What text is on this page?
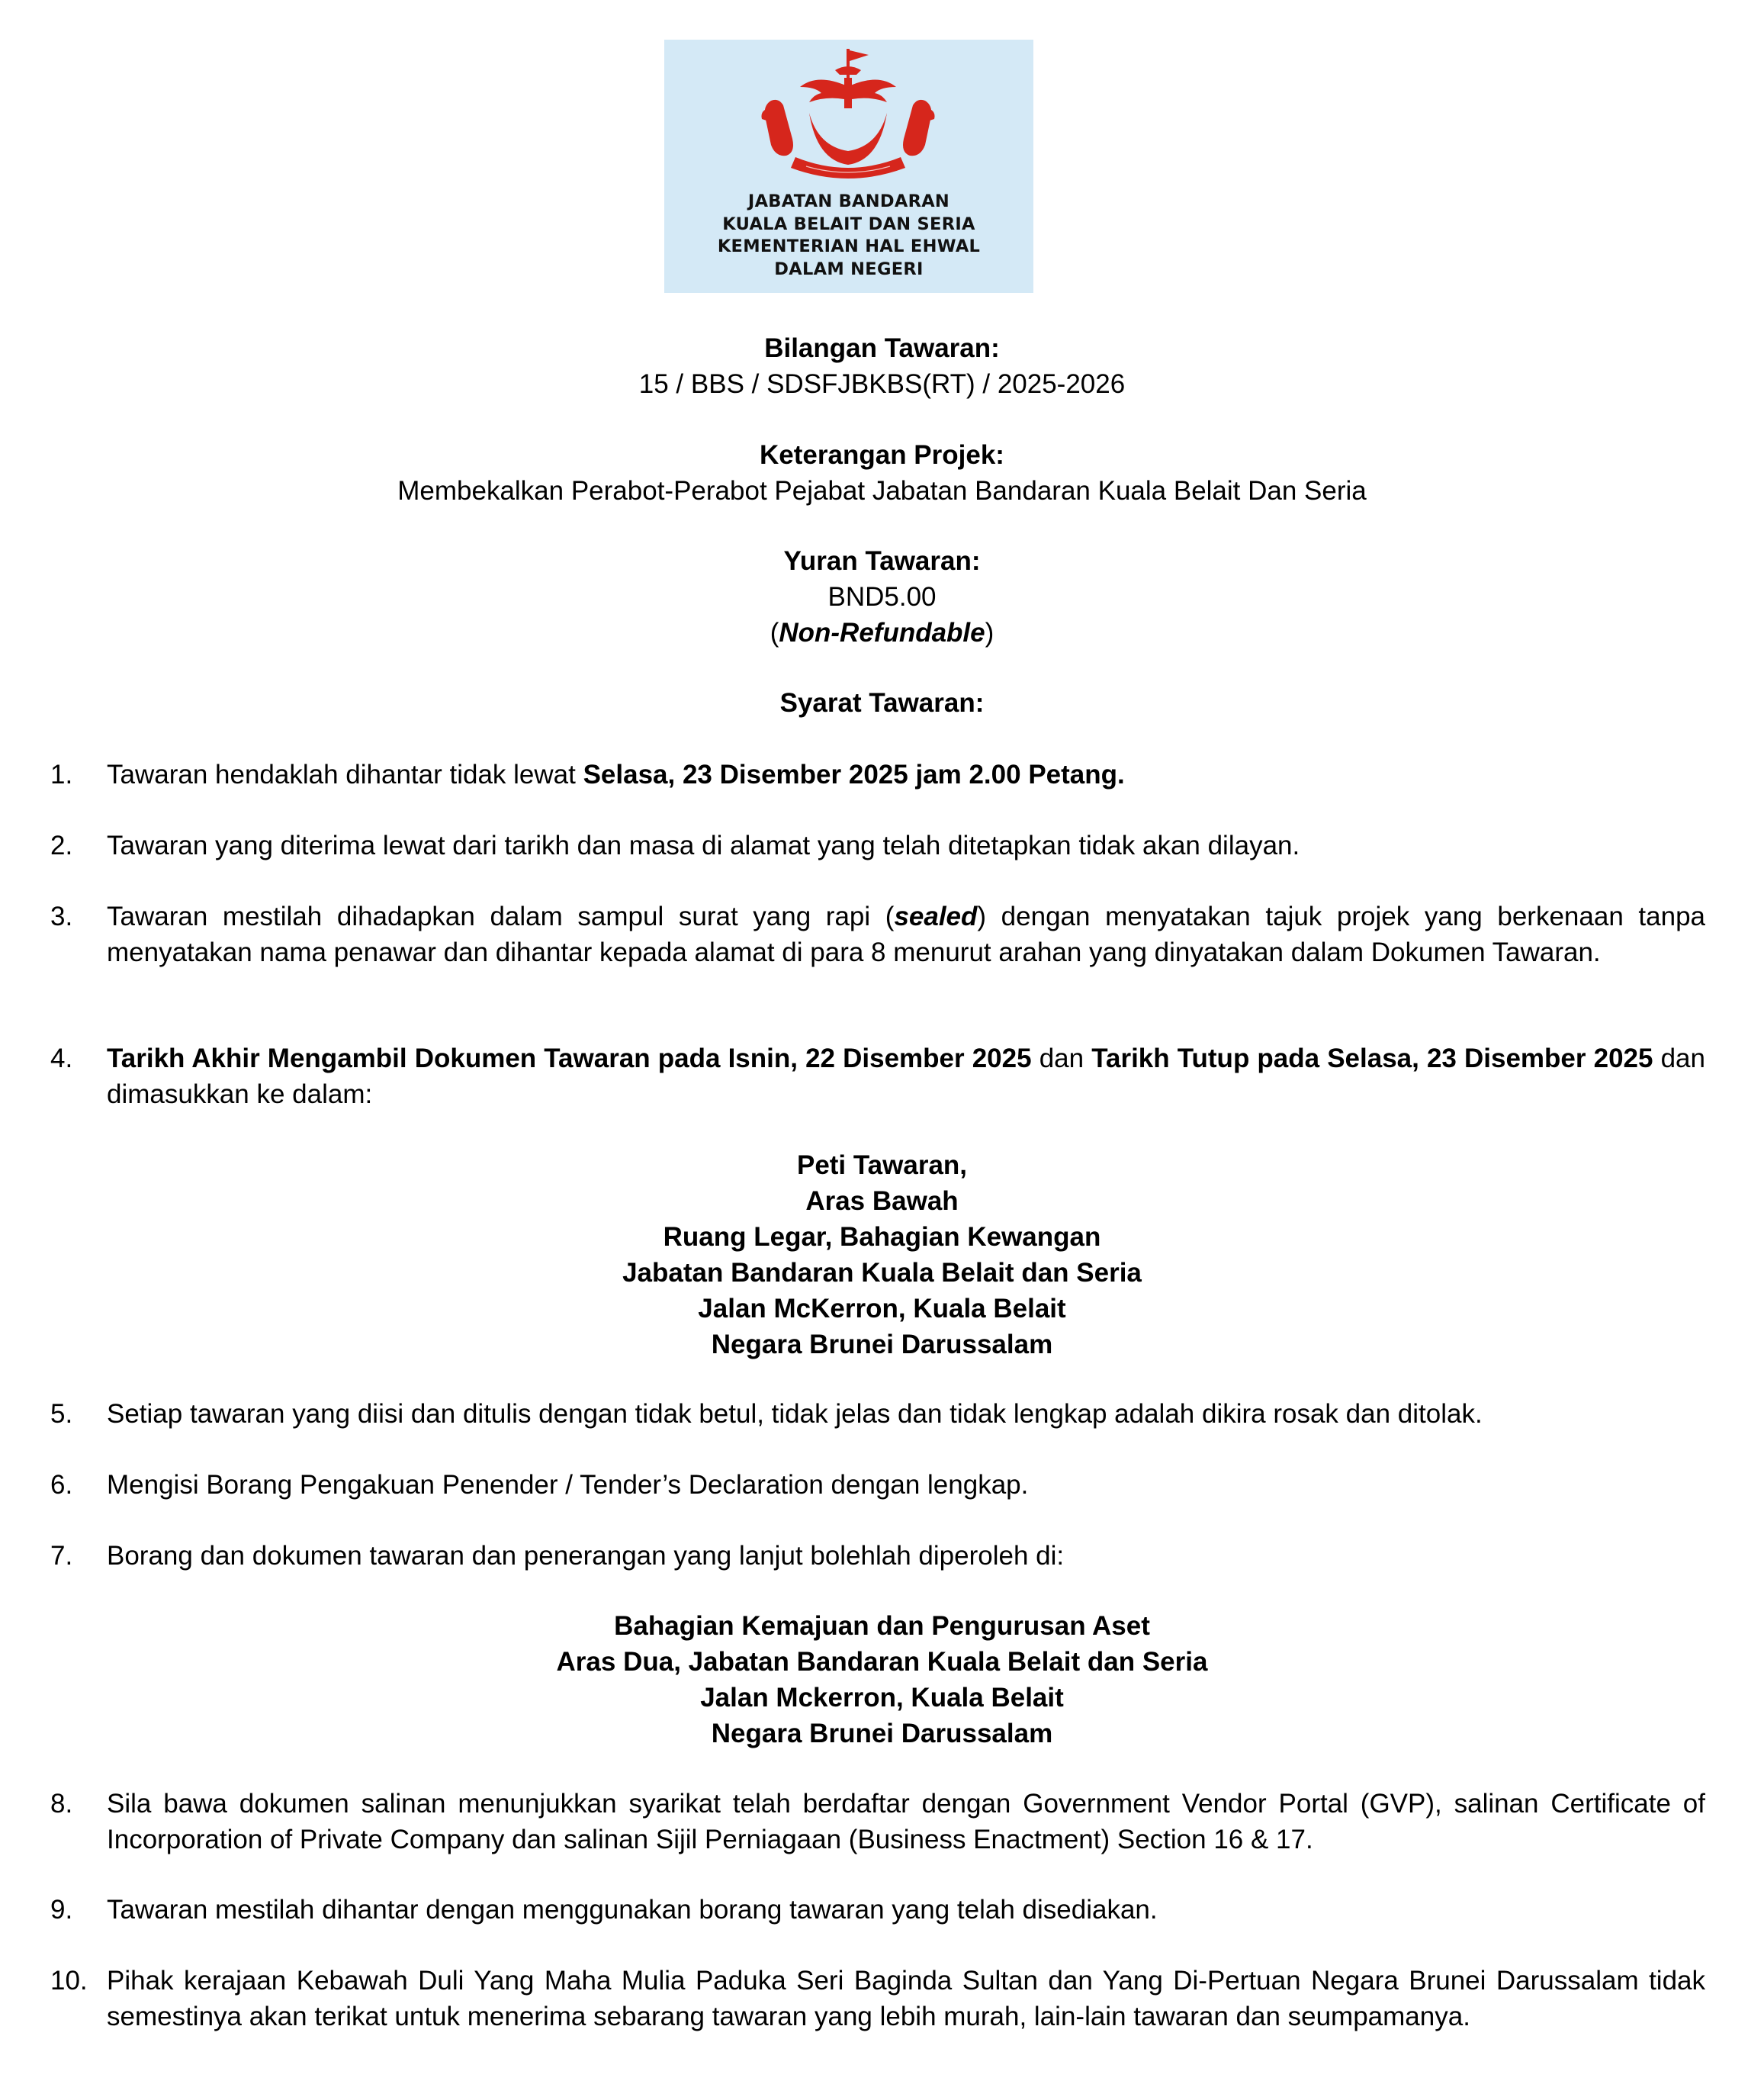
JABATAN BANDARAN
KUALA BELAIT DAN SERIA
KEMENTERIAN HAL EHWAL
DALAM NEGERI
Bilangan Tawaran:
15 / BBS / SDSFJBKBS(RT) / 2025-2026
Keterangan Projek:
Membekalkan Perabot-Perabot Pejabat Jabatan Bandaran Kuala Belait Dan Seria
Yuran Tawaran:
BND5.00
(Non-Refundable)
Syarat Tawaran:
1. Tawaran hendaklah dihantar tidak lewat Selasa, 23 Disember 2025 jam 2.00 Petang.
2. Tawaran yang diterima lewat dari tarikh dan masa di alamat yang telah ditetapkan tidak akan dilayan.
3. Tawaran mestilah dihadapkan dalam sampul surat yang rapi (sealed) dengan menyatakan tajuk projek yang berkenaan tanpa menyatakan nama penawar dan dihantar kepada alamat di para 8 menurut arahan yang dinyatakan dalam Dokumen Tawaran.
4. Tarikh Akhir Mengambil Dokumen Tawaran pada Isnin, 22 Disember 2025 dan Tarikh Tutup pada Selasa, 23 Disember 2025 dan dimasukkan ke dalam:
Peti Tawaran,
Aras Bawah
Ruang Legar, Bahagian Kewangan
Jabatan Bandaran Kuala Belait dan Seria
Jalan McKerron, Kuala Belait
Negara Brunei Darussalam
5. Setiap tawaran yang diisi dan ditulis dengan tidak betul, tidak jelas dan tidak lengkap adalah dikira rosak dan ditolak.
6. Mengisi Borang Pengakuan Penender / Tender’s Declaration dengan lengkap.
7. Borang dan dokumen tawaran dan penerangan yang lanjut bolehlah diperoleh di:
Bahagian Kemajuan dan Pengurusan Aset
Aras Dua, Jabatan Bandaran Kuala Belait dan Seria
Jalan Mckerron, Kuala Belait
Negara Brunei Darussalam
8. Sila bawa dokumen salinan menunjukkan syarikat telah berdaftar dengan Government Vendor Portal (GVP), salinan Certificate of Incorporation of Private Company dan salinan Sijil Perniagaan (Business Enactment) Section 16 & 17.
9. Tawaran mestilah dihantar dengan menggunakan borang tawaran yang telah disediakan.
10. Pihak kerajaan Kebawah Duli Yang Maha Mulia Paduka Seri Baginda Sultan dan Yang Di-Pertuan Negara Brunei Darussalam tidak semestinya akan terikat untuk menerima sebarang tawaran yang lebih murah, lain-lain tawaran dan seumpamanya.
